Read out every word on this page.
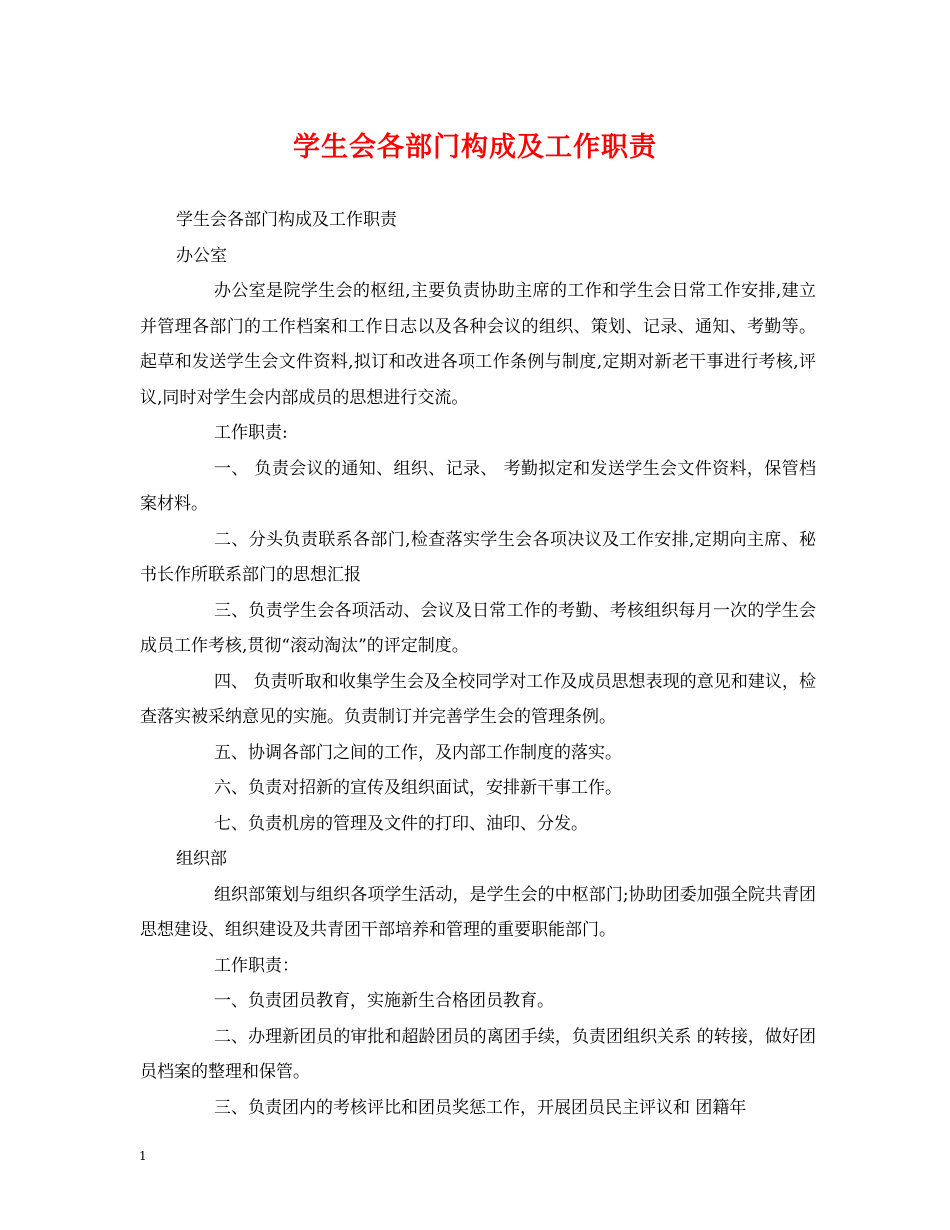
学生会各部门构成及工作职责

学生会各部门构成及工作职责

办公室

办公室是院学生会的枢纽,主要负责协助主席的工作和学生会日常工作安排,建立并管理各部门的工作档案和工作日志以及各种会议的组织、策划、记录、通知、考勤等。起草和发送学生会文件资料,拟订和改进各项工作条例与制度,定期对新老干事进行考核,评议,同时对学生会内部成员的思想进行交流。

工作职责:

一、 负责会议的通知、组织、记录、 考勤拟定和发送学生会文件资料，保管档案材料。

二、分头负责联系各部门,检查落实学生会各项决议及工作安排,定期向主席、秘书长作所联系部门的思想汇报

三、负责学生会各项活动、会议及日常工作的考勤、考核组织每月一次的学生会成员工作考核,贯彻“滚动淘汰”的评定制度。

四、 负责听取和收集学生会及全校同学对工作及成员思想表现的意见和建议，检查落实被采纳意见的实施。负责制订并完善学生会的管理条例。

五、协调各部门之间的工作，及内部工作制度的落实。

六、负责对招新的宣传及组织面试，安排新干事工作。

七、负责机房的管理及文件的打印、油印、分发。

组织部

组织部策划与组织各项学生活动，是学生会的中枢部门;协助团委加强全院共青团思想建设、组织建设及共青团干部培养和管理的重要职能部门。

工作职责：

一、负责团员教育，实施新生合格团员教育。

二、办理新团员的审批和超龄团员的离团手续，负责团组织关系 的转接，做好团员档案的整理和保管。

三、负责团内的考核评比和团员奖惩工作，开展团员民主评议和 团籍年

1
